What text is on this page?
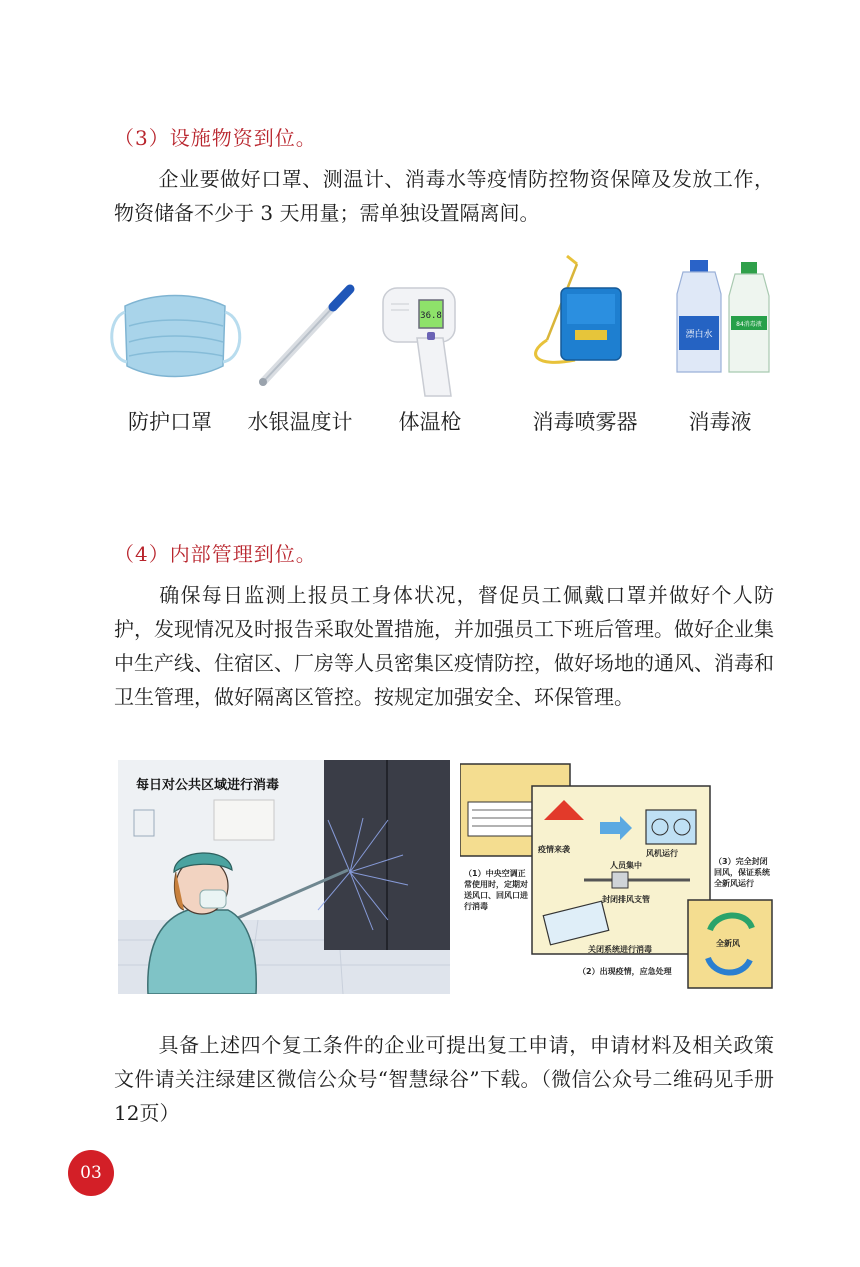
（3）设施物资到位。

企业要做好口罩、测温计、消毒水等疫情防控物资保障及发放工作，物资储备不少于 3 天用量；需单独设置隔离间。

防护口罩	水银温度计
36.8
体温枪	消毒喷雾器
漂白水
84消毒液
消毒液
（4）内部管理到位。

确保每日监测上报员工身体状况，督促员工佩戴口罩并做好个人防护，发现情况及时报告采取处置措施，并加强员工下班后管理。做好企业集中生产线、住宿区、厂房等人员密集区疫情防控，做好场地的通风、消毒和卫生管理，做好隔离区管控。按规定加强安全、环保管理。

每日对公共区域进行消毒
疫情来袭	风机运行
人员集中
封闭排风支管
关闭系统进行消毒
全新风
（2）出现疫情，应急处理
（1）中央空调正常使用时，定期对送风口、回风口进行消毒
（3）完全封闭回风，保证系统全新风运行

具备上述四个复工条件的企业可提出复工申请，申请材料及相关政策文件请关注绿建区微信公众号“智慧绿谷”下载。（微信公众号二维码见手册12页）

03
